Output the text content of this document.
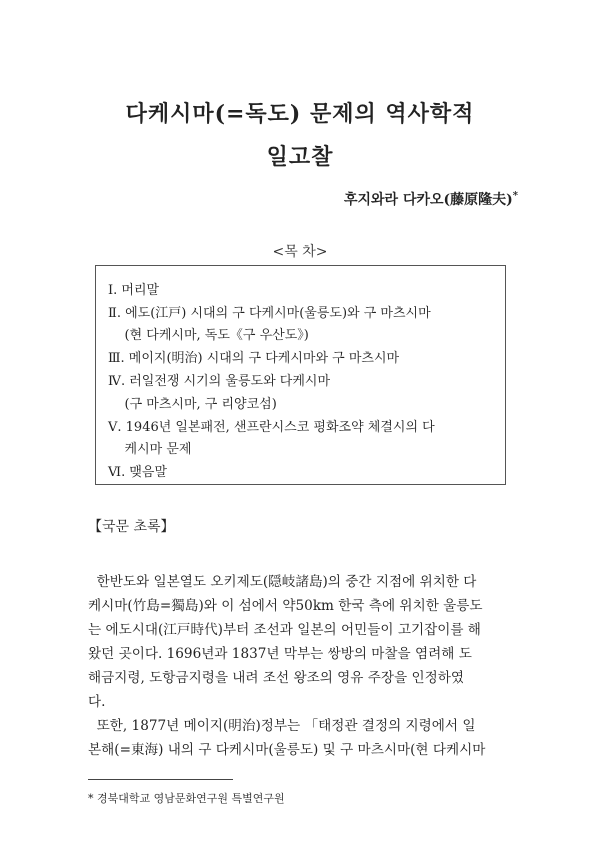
다케시마(=독도) 문제의 역사학적
일고찰
후지와라 다카오(藤原隆夫)*
<목 차>
Ⅰ. 머리말
Ⅱ. 에도(江戸) 시대의 구 다케시마(울릉도)와 구 마츠시마
(현 다케시마, 독도《구 우산도》)
Ⅲ. 메이지(明治) 시대의 구 다케시마와 구 마츠시마
Ⅳ. 러일전쟁 시기의 울릉도와 다케시마
(구 마츠시마, 구 리양코섬)
Ⅴ. 1946년 일본패전, 샌프란시스코 평화조약 체결시의 다
케시마 문제
Ⅵ. 맺음말
【국문 초록】
한반도와 일본열도 오키제도(隠岐諸島)의 중간 지점에 위치한 다
케시마(竹島=獨島)와 이 섬에서 약50km 한국 측에 위치한 울릉도
는 에도시대(江戸時代)부터 조선과 일본의 어민들이 고기잡이를 해
왔던 곳이다. 1696년과 1837년 막부는 쌍방의 마찰을 염려해 도
해금지령, 도항금지령을 내려 조선 왕조의 영유 주장을 인정하였
다.
또한, 1877년 메이지(明治)정부는 「태정관 결정의 지령에서 일
본해(=東海) 내의 구 다케시마(울릉도) 및 구 마츠시마(현 다케시마
* 경북대학교 영남문화연구원 특별연구원
